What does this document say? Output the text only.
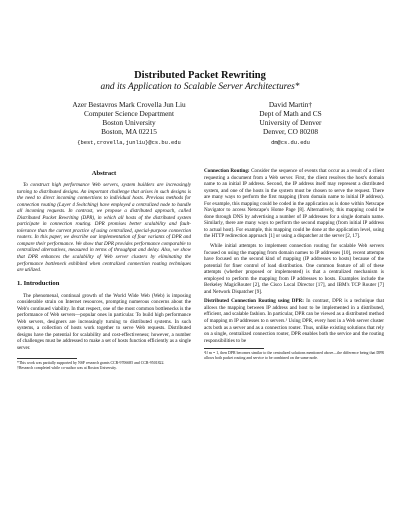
Distributed Packet Rewriting
and its Application to Scalable Server Architectures*
Azer Bestavros Mark Crovella Jun Liu
Computer Science Department
Boston University
Boston, MA 02215
{best,crovella,junliu}@cs.bu.edu
David Martin†
Dept of Math and CS
University of Denver
Denver, CO 80208
dm@cs.du.edu
Abstract

To construct high performance Web servers, system builders are increasingly turning to distributed designs. An important challenge that arises in such designs is the need to direct incoming connections to individual hosts. Previous methods for connection routing (Layer 4 Switching) have employed a centralized node to handle all incoming requests. In contrast, we propose a distributed approach, called Distributed Packet Rewriting (DPR), in which all hosts of the distributed system participate in connection routing. DPR promises better scalability and fault-tolerance than the current practice of using centralized, special-purpose connection routers. In this paper, we describe our implementation of four variants of DPR and compare their performance. We show that DPR provides performance comparable to centralized alternatives, measured in terms of throughput and delay. Also, we show that DPR enhances the scalability of Web server clusters by eliminating the performance bottleneck exhibited when centralized connection routing techniques are utilized.

1. Introduction

The phenomenal, continual growth of the World Wide Web (Web) is imposing considerable strain on Internet resources, prompting numerous concerns about the Web's continued viability. In that respect, one of the most common bottlenecks is the performance of Web servers—popular ones in particular. To build high performance Web servers, designers are increasingly turning to distributed systems. In such systems, a collection of hosts work together to serve Web requests. Distributed designs have the potential for scalability and cost-effectiveness; however, a number of challenges must be addressed to make a set of hosts function efficiently as a single server.

*This work was partially supported by NSF research grants CCR-9706685 and CCR-9501822.
†Research completed while co-author was at Boston University.

Connection Routing: Consider the sequence of events that occur as a result of a client requesting a document from a Web server. First, the client resolves the host's domain name to an initial IP address. Second, the IP address itself may represent a distributed system, and one of the hosts in the system must be chosen to serve the request. There are many ways to perform the first mapping (from domain name to initial IP address). For example, this mapping could be coded in the application as is done within Netscape Navigator to access Netscape's Home Page [8]. Alternatively, this mapping could be done through DNS by advertising a number of IP addresses for a single domain name. Similarly, there are many ways to perform the second mapping (from initial IP address to actual host). For example, this mapping could be done at the application level, using the HTTP redirection approach [1] or using a dispatcher at the server [2, 17].

While initial attempts to implement connection routing for scalable Web servers focused on using the mapping from domain names to IP addresses [10], recent attempts have focused on the second kind of mapping (IP addresses to hosts) because of the potential for finer control of load distribution. One common feature of all of these attempts (whether proposed or implemented) is that a centralized mechanism is employed to perform the mapping from IP addresses to hosts. Examples include the Berkeley MagicRouter [2], the Cisco Local Director [17], and IBM's TCP Router [7] and Network Dispatcher [9].

Distributed Connection Routing using DPR: In contrast, DPR is a technique that allows the mapping between IP address and host to be implemented in a distributed, efficient, and scalable fashion. In particular, DPR can be viewed as a distributed method of mapping m IP addresses to n servers.¹ Using DPR, every host in a Web server cluster acts both as a server and as a connection router. Thus, unlike existing solutions that rely on a single, centralized connection router, DPR enables both the service and the routing responsibilities to be

¹If m = 1, then DPR becomes similar to the centralized solutions mentioned above—the difference being that DPR allows both packet routing and service to be combined on the same node.
